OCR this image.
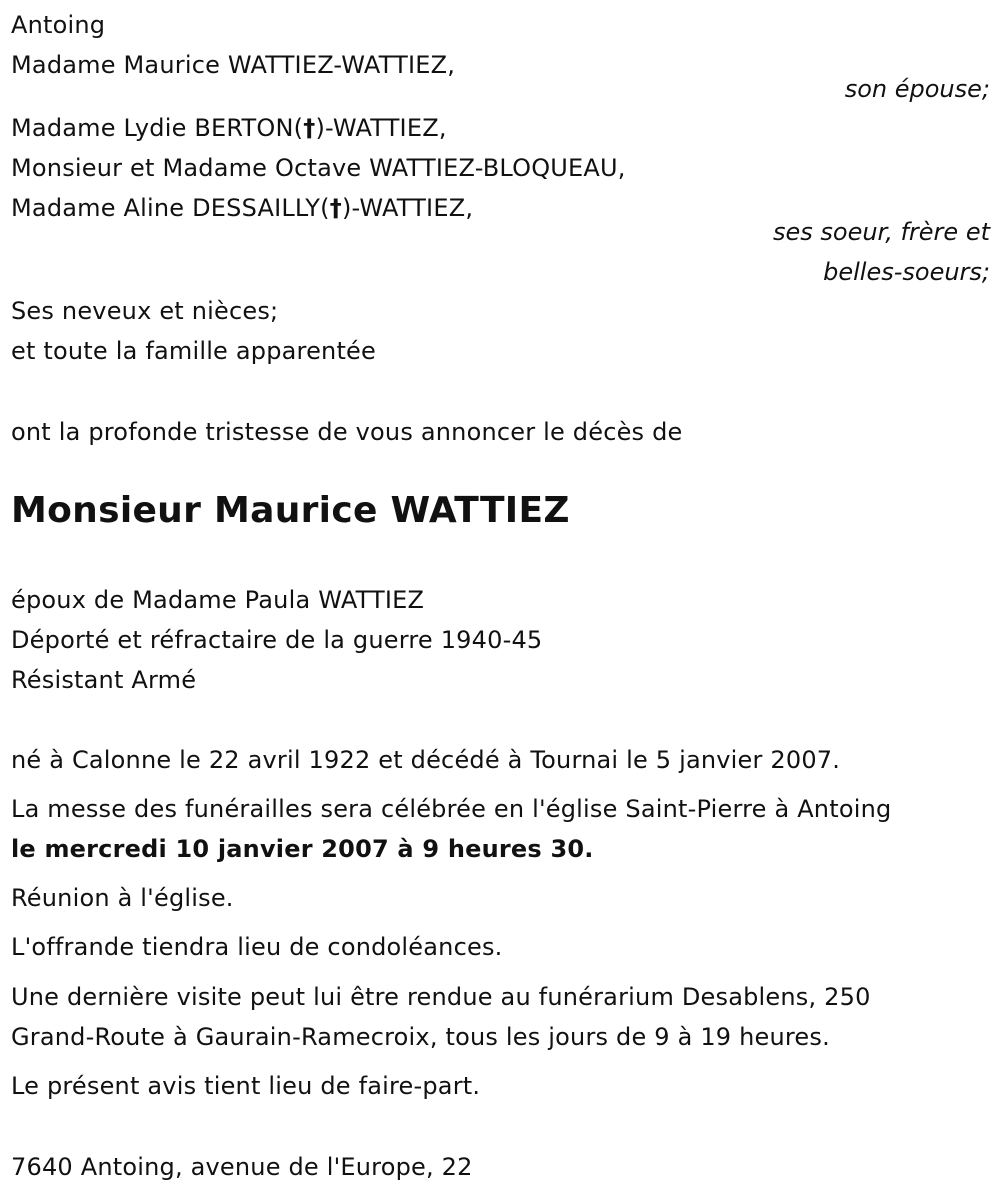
Antoing
Madame Maurice WATTIEZ-WATTIEZ,
son épouse;
Madame Lydie BERTON(†)-WATTIEZ,
Monsieur et Madame Octave WATTIEZ-BLOQUEAU,
Madame Aline DESSAILLY(†)-WATTIEZ,
ses soeur, frère et
belles-soeurs;
Ses neveux et nièces;
et toute la famille apparentée
ont la profonde tristesse de vous annoncer le décès de
Monsieur Maurice WATTIEZ
époux de Madame Paula WATTIEZ
Déporté et réfractaire de la guerre 1940-45
Résistant Armé
né à Calonne le 22 avril 1922 et décédé à Tournai le 5 janvier 2007.
La messe des funérailles sera célébrée en l'église Saint-Pierre à Antoing
le mercredi 10 janvier 2007 à 9 heures 30.
Réunion à l'église.
L'offrande tiendra lieu de condoléances.
Une dernière visite peut lui être rendue au funérarium Desablens, 250
Grand-Route à Gaurain-Ramecroix, tous les jours de 9 à 19 heures.
Le présent avis tient lieu de faire-part.
7640 Antoing, avenue de l'Europe, 22
